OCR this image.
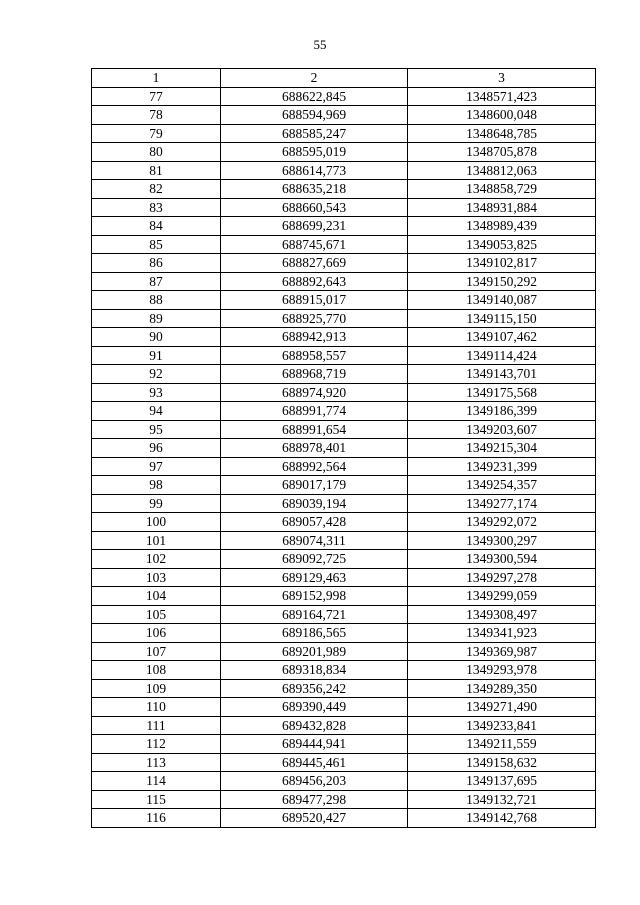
55
1	2	3
77	688622,845	1348571,423
78	688594,969	1348600,048
79	688585,247	1348648,785
80	688595,019	1348705,878
81	688614,773	1348812,063
82	688635,218	1348858,729
83	688660,543	1348931,884
84	688699,231	1348989,439
85	688745,671	1349053,825
86	688827,669	1349102,817
87	688892,643	1349150,292
88	688915,017	1349140,087
89	688925,770	1349115,150
90	688942,913	1349107,462
91	688958,557	1349114,424
92	688968,719	1349143,701
93	688974,920	1349175,568
94	688991,774	1349186,399
95	688991,654	1349203,607
96	688978,401	1349215,304
97	688992,564	1349231,399
98	689017,179	1349254,357
99	689039,194	1349277,174
100	689057,428	1349292,072
101	689074,311	1349300,297
102	689092,725	1349300,594
103	689129,463	1349297,278
104	689152,998	1349299,059
105	689164,721	1349308,497
106	689186,565	1349341,923
107	689201,989	1349369,987
108	689318,834	1349293,978
109	689356,242	1349289,350
110	689390,449	1349271,490
111	689432,828	1349233,841
112	689444,941	1349211,559
113	689445,461	1349158,632
114	689456,203	1349137,695
115	689477,298	1349132,721
116	689520,427	1349142,768
